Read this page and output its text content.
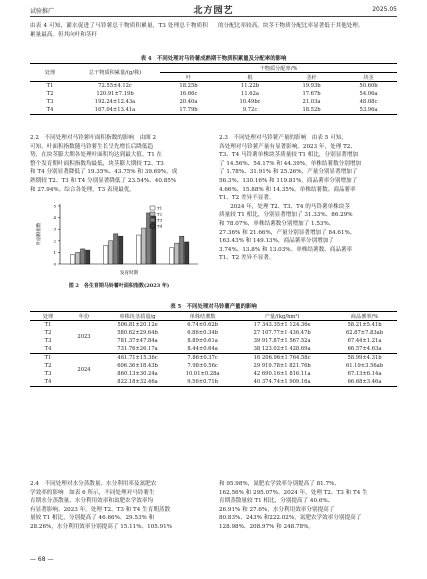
试验推广	北方园艺	2025.05
由表 4 可知，灌水促进了马铃薯总干物质积累量，T3 处理总干物质积累量最高。但其向叶和茎秆
的分配比率较高，块茎干物质分配比率显著低于其他处理。
表 4　不同处理对马铃薯成熟期干物质积累量及分配率的影响
处理	总干物质积累量/(g/株)	干物质分配率/%			
		叶	根	茎秆	块茎
T1	72.55±4.12c	18.25b	11.22b	19.93b	50.60b
T2	120.91±7.19b	16.66c	11.62a	17.67b	54.06a
T3	192.24±12.43a	20.40a	10.49bc	21.03a	48.08c
T4	167.04±13.41a	17.79b	9.72c	18.52b	53.96a
2.2　不同处理对马铃薯叶面积指数的影响　由图 2
可知，叶面积指数随马铃薯生长呈先增长后降低趋
势，在块茎膨大期各处理叶面积均达到最大值。T1 在
整个发育期叶面积指数均最低，块茎膨大期较 T2、T3
和 T4 分别显著降低了 19.35%、43.75% 和 39.69%，成
熟期较 T2、T3 和 T4 分别显著降低了 23.54%、40.85%
和 27.94%。综合各处理，T3 表现最优。
叶面积指数
发育时期
0
1
2
3
4
5	T1
T2
T3
T4
图 2　各生育期马铃薯叶面积指数(2023 年)
2.3　不同处理对马铃薯产量的影响　由表 5 可知，
各处理对马铃薯产量有显著影响。2023 年，处理 T2、
T3、T4 马铃薯单株块茎质量较 T1 相比，分别显著增加
了 14.56%、54.17% 和 44.39%，单株结薯数分别增加
了 1.78%、31.91% 和 25.26%，产量分别显著增加了
56.3%、130.16% 和 119.81%，商品薯率分别增加了
4.66%、15.88% 和 14.35%。单株结薯数、商品薯率
T1、T2 差异不显著。
　　2024 年，处理 T2、T3、T4 的马铃薯单株块茎
质量较 T1 相比，分别显著增加了 31.33%、86.29%
和 78.07%，单株结薯数分别增加了 1.53%、
27.36% 和 21.66%，产量分别显著增加了 84.61%、
163.43% 和 149.13%，商品薯率分别增加了
3.74%、13.8% 和 13.03%。单株结薯数、商品薯率
T1、T2 差异不显著。
表 5　不同处理对马铃薯产量的影响
处理	年份	单株块茎质量/g	单株结薯数	产量/(kg/hm²)	商品薯率/%
T1	2023	506.81±20.12e	6.74±0.62b	17 343.35±1 124.36e	58.21±5.41b
T2		580.62±29.64b	6.86±0.34b	27 107.77±1 436.47b	62.87±7.83ab
T3		781.37±47.84a	8.89±0.61a	39 917.87±1 567.52a	67.44±1.21a
T4		731.76±26.17a	8.44±0.64a	38 123.02±1 428.69a	66.57±4.63a
T1	2024	461.71±15.36c	7.86±0.37c	16 206.96±1 764.58c	58.99±4.31b
T2		606.36±18.43b	7.98±0.56c	29 919.78±1 821.76b	61.19±3.56ab
T3		860.13±30.24a	10.01±0.28a	42 690.16±1 816.11a	67.13±6.14a
T4		822.18±32.46a	9.56±0.71b	40 374.74±1 909.16a	66.68±3.46a
2.4　不同处理对水分蒸散量、水分利用率及氮肥农
学效率的影响　如表 6 所示，不同处理对马铃薯生
育期水分蒸散量、水分利用效率和氮肥农学效率均
有显著影响。2023 年，处理 T2、T3 和 T4 生育期蒸散
量较 T1 相比，分别提高了 46.66%、29.53% 和
28.26%，水分利用效率分别提高了 15.11%、105.91%
和 95.98%，氮肥农学效率分别提高了 81.7%、
162.56% 和 295.07%。2024 年，处理 T2、T3 和 T4 生
育期蒸散量较 T1 相比，分别提高了 40.6%、
26.91% 和 27.6%，水分利用效率分别提高了
80.83%、243% 和222.02%，氮肥农学效率分别提高了
128.98%、208.97% 和 248.78%。
— 68 —
